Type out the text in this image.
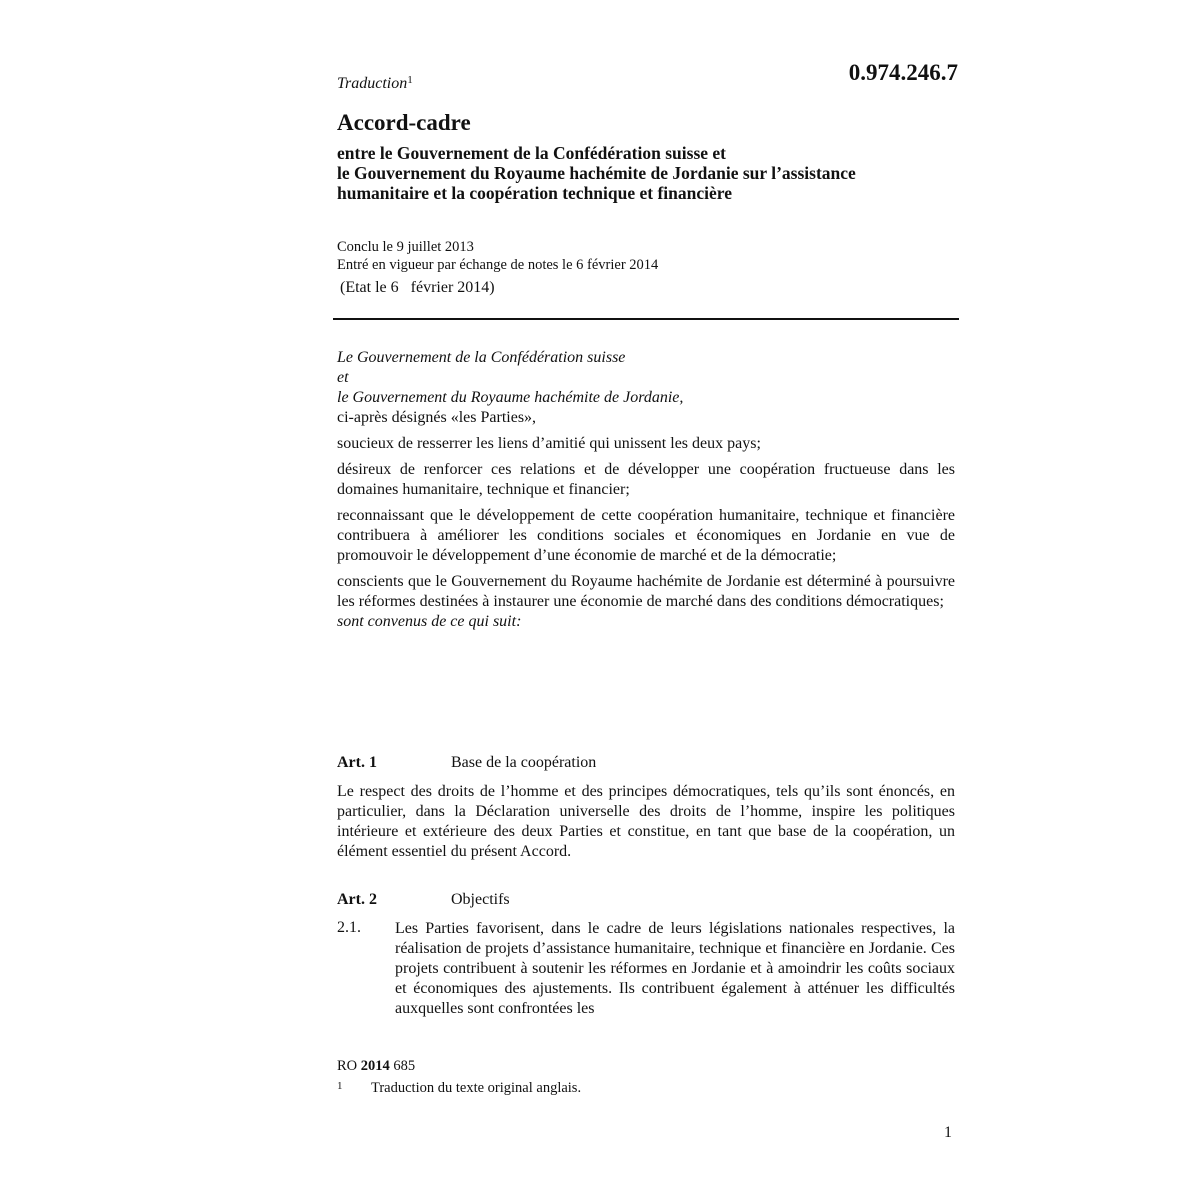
Traduction$^1$	0.974.246.7
Accord-cadre
entre le Gouvernement de la Confédération suisse et
le Gouvernement du Royaume hachémite de Jordanie sur l’assistance
humanitaire et la coopération technique et financière
Conclu le 9 juillet 2013
Entré en vigueur par échange de notes le 6 février 2014
(Etat le 6   février 2014)
Le Gouvernement de la Confédération suisse
et
le Gouvernement du Royaume hachémite de Jordanie,
ci-après désignés «les Parties»,
soucieux de resserrer les liens d’amitié qui unissent les deux pays;
désireux de renforcer ces relations et de développer une coopération fructueuse dans les domaines humanitaire, technique et financier;
reconnaissant que le développement de cette coopération humanitaire, technique et financière contribuera à améliorer les conditions sociales et économiques en Jordanie en vue de promouvoir le développement d’une économie de marché et de la démocratie;
conscients que le Gouvernement du Royaume hachémite de Jordanie est déterminé à poursuivre les réformes destinées à instaurer une économie de marché dans des conditions démocratiques;
sont convenus de ce qui suit:
Art. 1	Base de la coopération
Le respect des droits de l’homme et des principes démocratiques, tels qu’ils sont énoncés, en particulier, dans la Déclaration universelle des droits de l’homme, inspire les politiques intérieure et extérieure des deux Parties et constitue, en tant que base de la coopération, un élément essentiel du présent Accord.
Art. 2	Objectifs
2.1. Les Parties favorisent, dans le cadre de leurs législations nationales respectives, la réalisation de projets d’assistance humanitaire, technique et financière en Jordanie. Ces projets contribuent à soutenir les réformes en Jordanie et à amoindrir les coûts sociaux et économiques des ajustements. Ils contribuent également à atténuer les difficultés auxquelles sont confrontées les
RO 2014 685
1 Traduction du texte original anglais.
1
